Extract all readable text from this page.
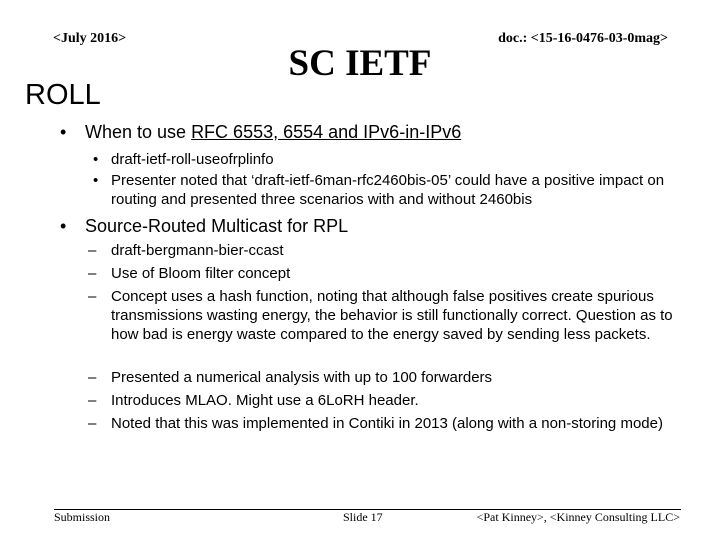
<July 2016>
SC IETF
doc.: <15-16-0476-03-0mag>
ROLL
•	When to use RFC 6553, 6554 and IPv6-in-IPv6
• draft-ietf-roll-useofrplinfo
• Presenter noted that ‘draft-ietf-6man-rfc2460bis-05’ could have a positive impact on routing and presented three scenarios with and without 2460bis
•	Source-Routed Multicast for RPL
– draft-bergmann-bier-ccast
– Use of Bloom filter concept
– Concept uses a hash function, noting that although false positives create spurious transmissions wasting energy, the behavior is still functionally correct. Question as to how bad is energy waste compared to the energy saved by sending less packets.
– Presented a numerical analysis with up to 100 forwarders
– Introduces MLAO. Might use a 6LoRH header.
– Noted that this was implemented in Contiki in 2013 (along with a non-storing mode)
Submission	Slide 17	<Pat Kinney>, <Kinney Consulting LLC>
